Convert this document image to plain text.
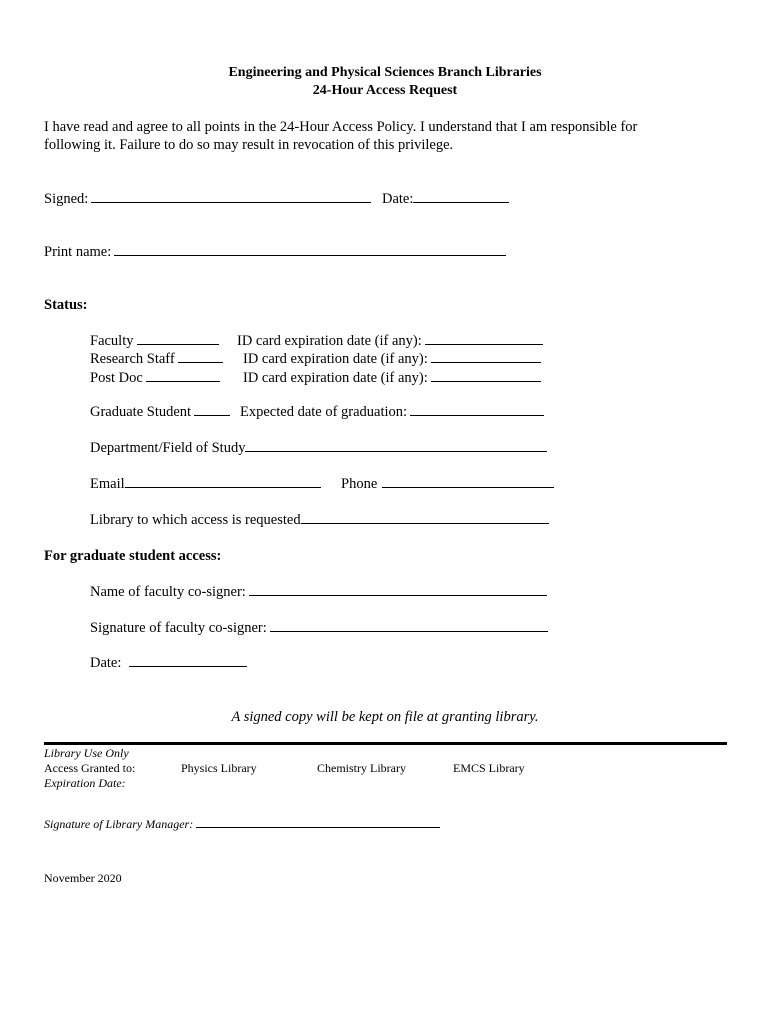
Engineering and Physical Sciences Branch Libraries
24-Hour Access Request
I have read and agree to all points in the 24-Hour Access Policy. I understand that I am responsible for
following it. Failure to do so may result in revocation of this privilege.
Signed:	Date:
Print name:
Status:
Faculty	ID card expiration date (if any):
Research Staff	ID card expiration date (if any):
Post Doc	ID card expiration date (if any):
Graduate Student	Expected date of graduation:
Department/Field of Study
Email	Phone
Library to which access is requested
For graduate student access:
Name of faculty co-signer:
Signature of faculty co-signer:
Date:
A signed copy will be kept on file at granting library.
Library Use Only
Access Granted to:	Physics Library	Chemistry Library	EMCS Library
Expiration Date:
Signature of Library Manager:
November 2020
